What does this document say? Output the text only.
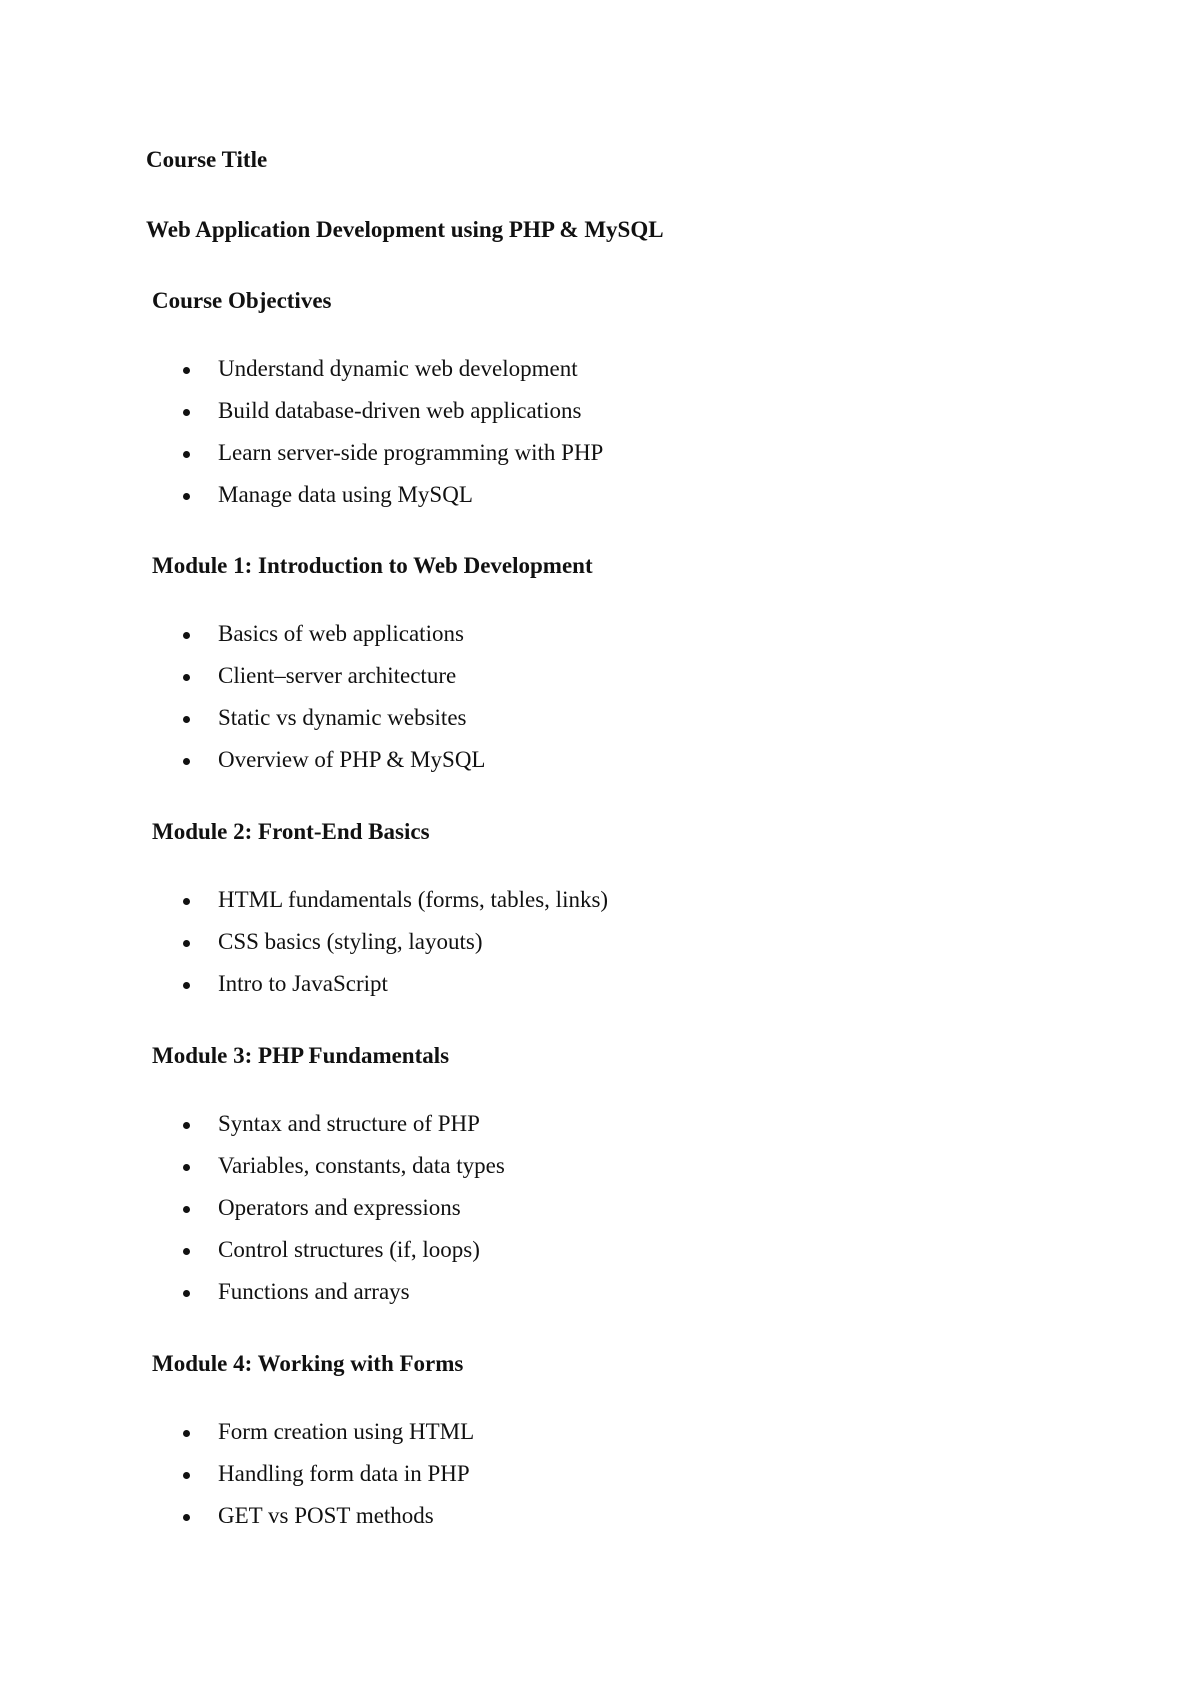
Course Title
Web Application Development using PHP & MySQL
Course Objectives
Understand dynamic web development
Build database-driven web applications
Learn server-side programming with PHP
Manage data using MySQL
Module 1: Introduction to Web Development
Basics of web applications
Client–server architecture
Static vs dynamic websites
Overview of PHP & MySQL
Module 2: Front-End Basics
HTML fundamentals (forms, tables, links)
CSS basics (styling, layouts)
Intro to JavaScript
Module 3: PHP Fundamentals
Syntax and structure of PHP
Variables, constants, data types
Operators and expressions
Control structures (if, loops)
Functions and arrays
Module 4: Working with Forms
Form creation using HTML
Handling form data in PHP
GET vs POST methods
